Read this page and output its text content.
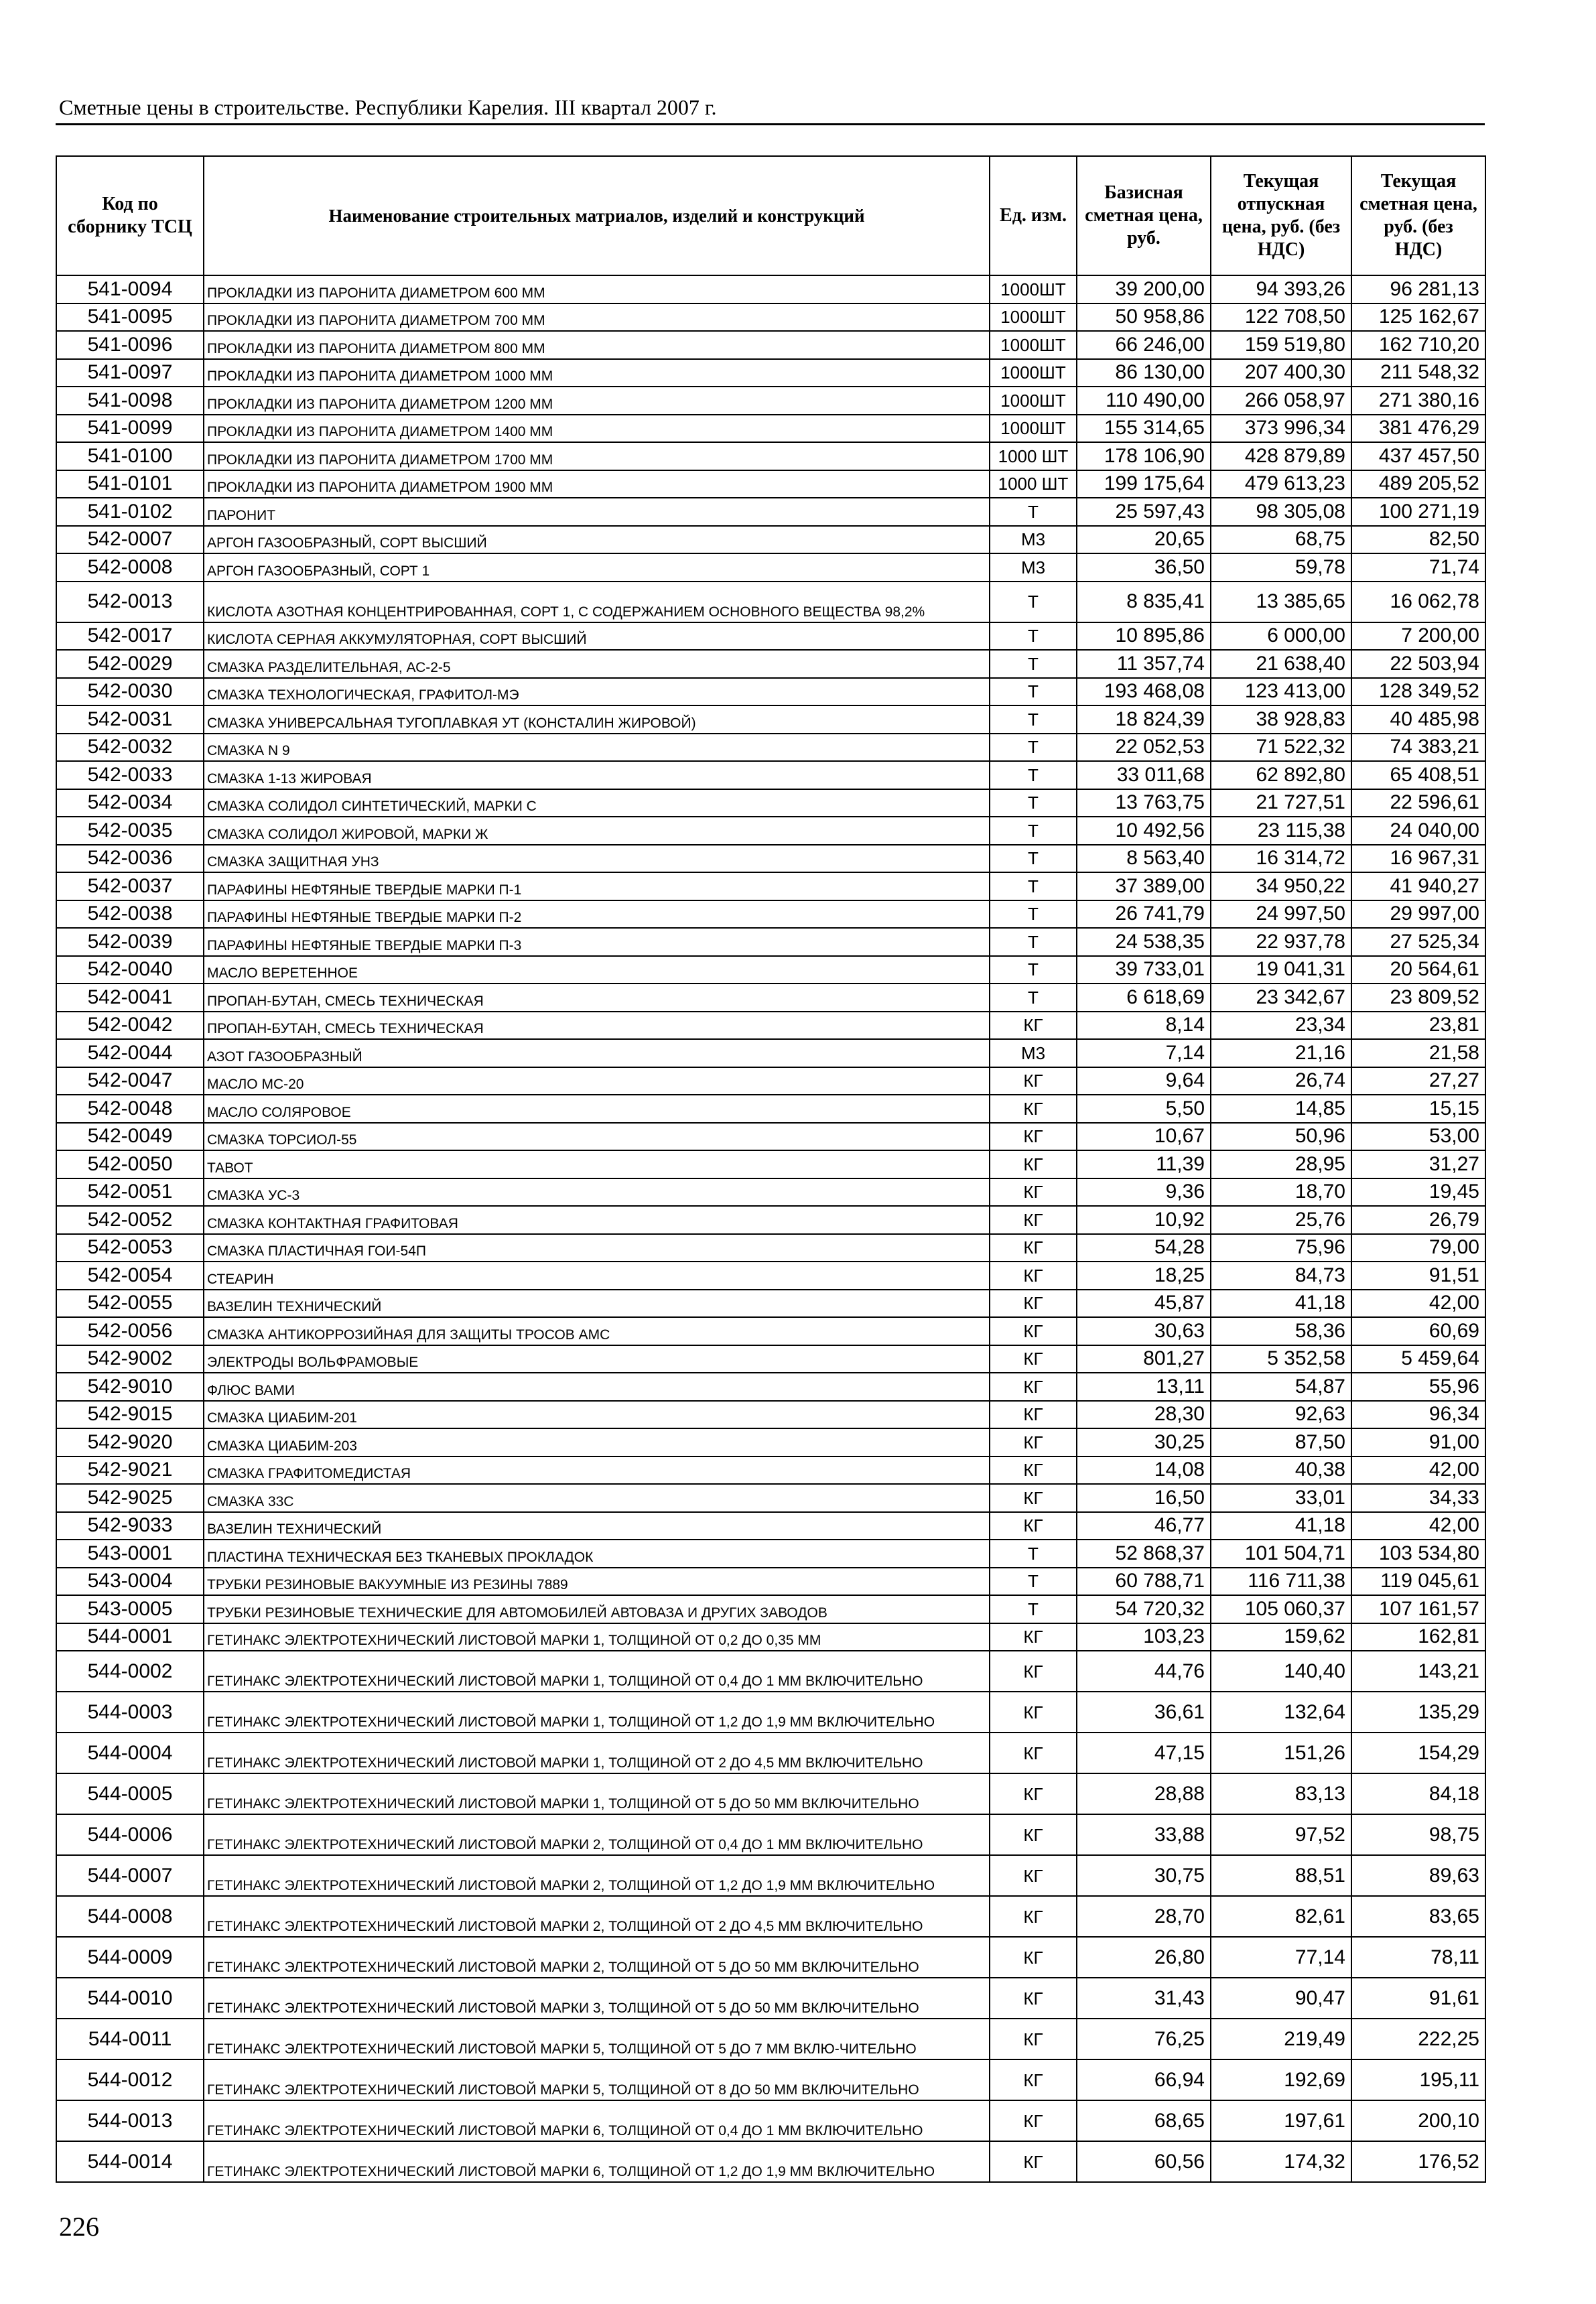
Сметные цены в строительстве. Республики Карелия. III квартал 2007 г.
Код по сборнику ТСЦ	Наименование строительных матриалов, изделий и конструкций	Ед. изм.	Базисная сметная цена, руб.	Текущая отпускная цена, руб. (без НДС)	Текущая сметная цена, руб. (без НДС)
541-0094	ПРОКЛАДКИ ИЗ ПАРОНИТА ДИАМЕТРОМ 600 ММ	1000ШТ	39 200,00	94 393,26	96 281,13
541-0095	ПРОКЛАДКИ ИЗ ПАРОНИТА ДИАМЕТРОМ 700 ММ	1000ШТ	50 958,86	122 708,50	125 162,67
541-0096	ПРОКЛАДКИ ИЗ ПАРОНИТА ДИАМЕТРОМ 800 ММ	1000ШТ	66 246,00	159 519,80	162 710,20
541-0097	ПРОКЛАДКИ ИЗ ПАРОНИТА ДИАМЕТРОМ 1000 ММ	1000ШТ	86 130,00	207 400,30	211 548,32
541-0098	ПРОКЛАДКИ ИЗ ПАРОНИТА ДИАМЕТРОМ 1200 ММ	1000ШТ	110 490,00	266 058,97	271 380,16
541-0099	ПРОКЛАДКИ ИЗ ПАРОНИТА ДИАМЕТРОМ 1400 ММ	1000ШТ	155 314,65	373 996,34	381 476,29
541-0100	ПРОКЛАДКИ ИЗ ПАРОНИТА ДИАМЕТРОМ 1700 ММ	1000 ШТ	178 106,90	428 879,89	437 457,50
541-0101	ПРОКЛАДКИ ИЗ ПАРОНИТА ДИАМЕТРОМ 1900 ММ	1000 ШТ	199 175,64	479 613,23	489 205,52
541-0102	ПАРОНИТ	Т	25 597,43	98 305,08	100 271,19
542-0007	АРГОН ГАЗООБРАЗНЫЙ, СОРТ ВЫСШИЙ	М3	20,65	68,75	82,50
542-0008	АРГОН ГАЗООБРАЗНЫЙ, СОРТ 1	М3	36,50	59,78	71,74
542-0013	КИСЛОТА АЗОТНАЯ КОНЦЕНТРИРОВАННАЯ, СОРТ 1, С СОДЕРЖАНИЕМ ОСНОВНОГО ВЕЩЕСТВА 98,2%	Т	8 835,41	13 385,65	16 062,78
542-0017	КИСЛОТА СЕРНАЯ АККУМУЛЯТОРНАЯ, СОРТ ВЫСШИЙ	Т	10 895,86	6 000,00	7 200,00
542-0029	СМАЗКА РАЗДЕЛИТЕЛЬНАЯ, АС-2-5	Т	11 357,74	21 638,40	22 503,94
542-0030	СМАЗКА ТЕХНОЛОГИЧЕСКАЯ, ГРАФИТОЛ-МЭ	Т	193 468,08	123 413,00	128 349,52
542-0031	СМАЗКА УНИВЕРСАЛЬНАЯ ТУГОПЛАВКАЯ УТ (КОНСТАЛИН ЖИРОВОЙ)	Т	18 824,39	38 928,83	40 485,98
542-0032	СМАЗКА N 9	Т	22 052,53	71 522,32	74 383,21
542-0033	СМАЗКА 1-13 ЖИРОВАЯ	Т	33 011,68	62 892,80	65 408,51
542-0034	СМАЗКА СОЛИДОЛ СИНТЕТИЧЕСКИЙ, МАРКИ С	Т	13 763,75	21 727,51	22 596,61
542-0035	СМАЗКА СОЛИДОЛ ЖИРОВОЙ, МАРКИ Ж	Т	10 492,56	23 115,38	24 040,00
542-0036	СМАЗКА ЗАЩИТНАЯ УНЗ	Т	8 563,40	16 314,72	16 967,31
542-0037	ПАРАФИНЫ НЕФТЯНЫЕ ТВЕРДЫЕ МАРКИ П-1	Т	37 389,00	34 950,22	41 940,27
542-0038	ПАРАФИНЫ НЕФТЯНЫЕ ТВЕРДЫЕ МАРКИ П-2	Т	26 741,79	24 997,50	29 997,00
542-0039	ПАРАФИНЫ НЕФТЯНЫЕ ТВЕРДЫЕ МАРКИ П-3	Т	24 538,35	22 937,78	27 525,34
542-0040	МАСЛО ВЕРЕТЕННОЕ	Т	39 733,01	19 041,31	20 564,61
542-0041	ПРОПАН-БУТАН, СМЕСЬ ТЕХНИЧЕСКАЯ	Т	6 618,69	23 342,67	23 809,52
542-0042	ПРОПАН-БУТАН, СМЕСЬ ТЕХНИЧЕСКАЯ	КГ	8,14	23,34	23,81
542-0044	АЗОТ ГАЗООБРАЗНЫЙ	М3	7,14	21,16	21,58
542-0047	МАСЛО МС-20	КГ	9,64	26,74	27,27
542-0048	МАСЛО СОЛЯРОВОЕ	КГ	5,50	14,85	15,15
542-0049	СМАЗКА ТОРСИОЛ-55	КГ	10,67	50,96	53,00
542-0050	ТАВОТ	КГ	11,39	28,95	31,27
542-0051	СМАЗКА УС-3	КГ	9,36	18,70	19,45
542-0052	СМАЗКА КОНТАКТНАЯ ГРАФИТОВАЯ	КГ	10,92	25,76	26,79
542-0053	СМАЗКА ПЛАСТИЧНАЯ ГОИ-54П	КГ	54,28	75,96	79,00
542-0054	СТЕАРИН	КГ	18,25	84,73	91,51
542-0055	ВАЗЕЛИН ТЕХНИЧЕСКИЙ	КГ	45,87	41,18	42,00
542-0056	СМАЗКА АНТИКОРРОЗИЙНАЯ ДЛЯ ЗАЩИТЫ ТРОСОВ АМС	КГ	30,63	58,36	60,69
542-9002	ЭЛЕКТРОДЫ ВОЛЬФРАМОВЫЕ	КГ	801,27	5 352,58	5 459,64
542-9010	ФЛЮС ВАМИ	КГ	13,11	54,87	55,96
542-9015	СМАЗКА ЦИАБИМ-201	КГ	28,30	92,63	96,34
542-9020	СМАЗКА ЦИАБИМ-203	КГ	30,25	87,50	91,00
542-9021	СМАЗКА ГРАФИТОМЕДИСТАЯ	КГ	14,08	40,38	42,00
542-9025	СМАЗКА 33С	КГ	16,50	33,01	34,33
542-9033	ВАЗЕЛИН ТЕХНИЧЕСКИЙ	КГ	46,77	41,18	42,00
543-0001	ПЛАСТИНА ТЕХНИЧЕСКАЯ БЕЗ ТКАНЕВЫХ ПРОКЛАДОК	Т	52 868,37	101 504,71	103 534,80
543-0004	ТРУБКИ РЕЗИНОВЫЕ ВАКУУМНЫЕ ИЗ РЕЗИНЫ 7889	Т	60 788,71	116 711,38	119 045,61
543-0005	ТРУБКИ РЕЗИНОВЫЕ ТЕХНИЧЕСКИЕ ДЛЯ АВТОМОБИЛЕЙ АВТОВАЗА И ДРУГИХ ЗАВОДОВ	Т	54 720,32	105 060,37	107 161,57
544-0001	ГЕТИНАКС ЭЛЕКТРОТЕХНИЧЕСКИЙ ЛИСТОВОЙ МАРКИ 1, ТОЛЩИНОЙ ОТ 0,2 ДО 0,35 ММ	КГ	103,23	159,62	162,81
544-0002	ГЕТИНАКС ЭЛЕКТРОТЕХНИЧЕСКИЙ ЛИСТОВОЙ МАРКИ 1, ТОЛЩИНОЙ ОТ 0,4 ДО 1 ММ ВКЛЮЧИТЕЛЬНО	КГ	44,76	140,40	143,21
544-0003	ГЕТИНАКС ЭЛЕКТРОТЕХНИЧЕСКИЙ ЛИСТОВОЙ МАРКИ 1, ТОЛЩИНОЙ ОТ 1,2 ДО 1,9 ММ ВКЛЮЧИТЕЛЬНО	КГ	36,61	132,64	135,29
544-0004	ГЕТИНАКС ЭЛЕКТРОТЕХНИЧЕСКИЙ ЛИСТОВОЙ МАРКИ 1, ТОЛЩИНОЙ ОТ 2 ДО 4,5 ММ ВКЛЮЧИТЕЛЬНО	КГ	47,15	151,26	154,29
544-0005	ГЕТИНАКС ЭЛЕКТРОТЕХНИЧЕСКИЙ ЛИСТОВОЙ МАРКИ 1, ТОЛЩИНОЙ ОТ 5 ДО 50 ММ ВКЛЮЧИТЕЛЬНО	КГ	28,88	83,13	84,18
544-0006	ГЕТИНАКС ЭЛЕКТРОТЕХНИЧЕСКИЙ ЛИСТОВОЙ МАРКИ 2, ТОЛЩИНОЙ ОТ 0,4 ДО 1 ММ ВКЛЮЧИТЕЛЬНО	КГ	33,88	97,52	98,75
544-0007	ГЕТИНАКС ЭЛЕКТРОТЕХНИЧЕСКИЙ ЛИСТОВОЙ МАРКИ 2, ТОЛЩИНОЙ ОТ 1,2 ДО 1,9 ММ ВКЛЮЧИТЕЛЬНО	КГ	30,75	88,51	89,63
544-0008	ГЕТИНАКС ЭЛЕКТРОТЕХНИЧЕСКИЙ ЛИСТОВОЙ МАРКИ 2, ТОЛЩИНОЙ ОТ 2 ДО 4,5 ММ ВКЛЮЧИТЕЛЬНО	КГ	28,70	82,61	83,65
544-0009	ГЕТИНАКС ЭЛЕКТРОТЕХНИЧЕСКИЙ ЛИСТОВОЙ МАРКИ 2, ТОЛЩИНОЙ ОТ 5 ДО 50 ММ ВКЛЮЧИТЕЛЬНО	КГ	26,80	77,14	78,11
544-0010	ГЕТИНАКС ЭЛЕКТРОТЕХНИЧЕСКИЙ ЛИСТОВОЙ МАРКИ 3, ТОЛЩИНОЙ ОТ 5 ДО 50 ММ ВКЛЮЧИТЕЛЬНО	КГ	31,43	90,47	91,61
544-0011	ГЕТИНАКС ЭЛЕКТРОТЕХНИЧЕСКИЙ ЛИСТОВОЙ МАРКИ 5, ТОЛЩИНОЙ ОТ 5 ДО 7 ММ ВКЛЮ-ЧИТЕЛЬНО	КГ	76,25	219,49	222,25
544-0012	ГЕТИНАКС ЭЛЕКТРОТЕХНИЧЕСКИЙ ЛИСТОВОЙ МАРКИ 5, ТОЛЩИНОЙ ОТ 8 ДО 50 ММ ВКЛЮЧИТЕЛЬНО	КГ	66,94	192,69	195,11
544-0013	ГЕТИНАКС ЭЛЕКТРОТЕХНИЧЕСКИЙ ЛИСТОВОЙ МАРКИ 6, ТОЛЩИНОЙ ОТ 0,4 ДО 1 ММ ВКЛЮЧИТЕЛЬНО	КГ	68,65	197,61	200,10
544-0014	ГЕТИНАКС ЭЛЕКТРОТЕХНИЧЕСКИЙ ЛИСТОВОЙ МАРКИ 6, ТОЛЩИНОЙ ОТ 1,2 ДО 1,9 ММ ВКЛЮЧИТЕЛЬНО	КГ	60,56	174,32	176,52
226
